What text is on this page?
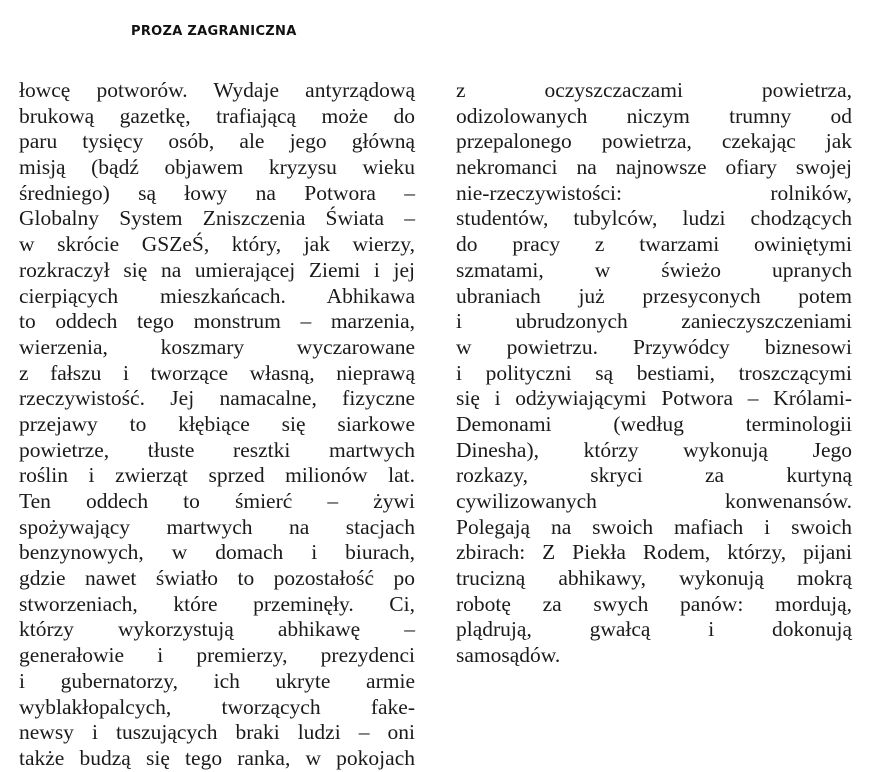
PROZA ZAGRANICZNA
łowcę potworów. Wydaje antyrządową
brukową gazetkę, trafiającą może do
paru tysięcy osób, ale jego główną
misją (bądź objawem kryzysu wieku
średniego) są łowy na Potwora –
Globalny System Zniszczenia Świata –
w skrócie GSZeŚ, który, jak wierzy,
rozkraczył się na umierającej Ziemi i jej
cierpiących mieszkańcach. Abhikawa
to oddech tego monstrum – marzenia,
wierzenia, koszmary wyczarowane
z fałszu i tworzące własną, nieprawą
rzeczywistość. Jej namacalne, fizyczne
przejawy to kłębiące się siarkowe
powietrze, tłuste resztki martwych
roślin i zwierząt sprzed milionów lat.
Ten oddech to śmierć – żywi
spożywający martwych na stacjach
benzynowych, w domach i biurach,
gdzie nawet światło to pozostałość po
stworzeniach, które przeminęły. Ci,
którzy wykorzystują abhikawę –
generałowie i premierzy, prezydenci
i gubernatorzy, ich ukryte armie
wyblakłopalcych, tworzących fake-
newsy i tuszujących braki ludzi – oni
także budzą się tego ranka, w pokojach
z oczyszczaczami powietrza,
odizolowanych niczym trumny od
przepalonego powietrza, czekając jak
nekromanci na najnowsze ofiary swojej
nie-rzeczywistości: rolników,
studentów, tubylców, ludzi chodzących
do pracy z twarzami owiniętymi
szmatami, w świeżo upranych
ubraniach już przesyconych potem
i ubrudzonych zanieczyszczeniami
w powietrzu. Przywódcy biznesowi
i polityczni są bestiami, troszczącymi
się i odżywiającymi Potwora – Królami-
Demonami (według terminologii
Dinesha), którzy wykonują Jego
rozkazy, skryci za kurtyną
cywilizowanych konwenansów.
Polegają na swoich mafiach i swoich
zbirach: Z Piekła Rodem, którzy, pijani
trucizną abhikawy, wykonują mokrą
robotę za swych panów: mordują,
plądrują, gwałcą i dokonują
samosądów.
